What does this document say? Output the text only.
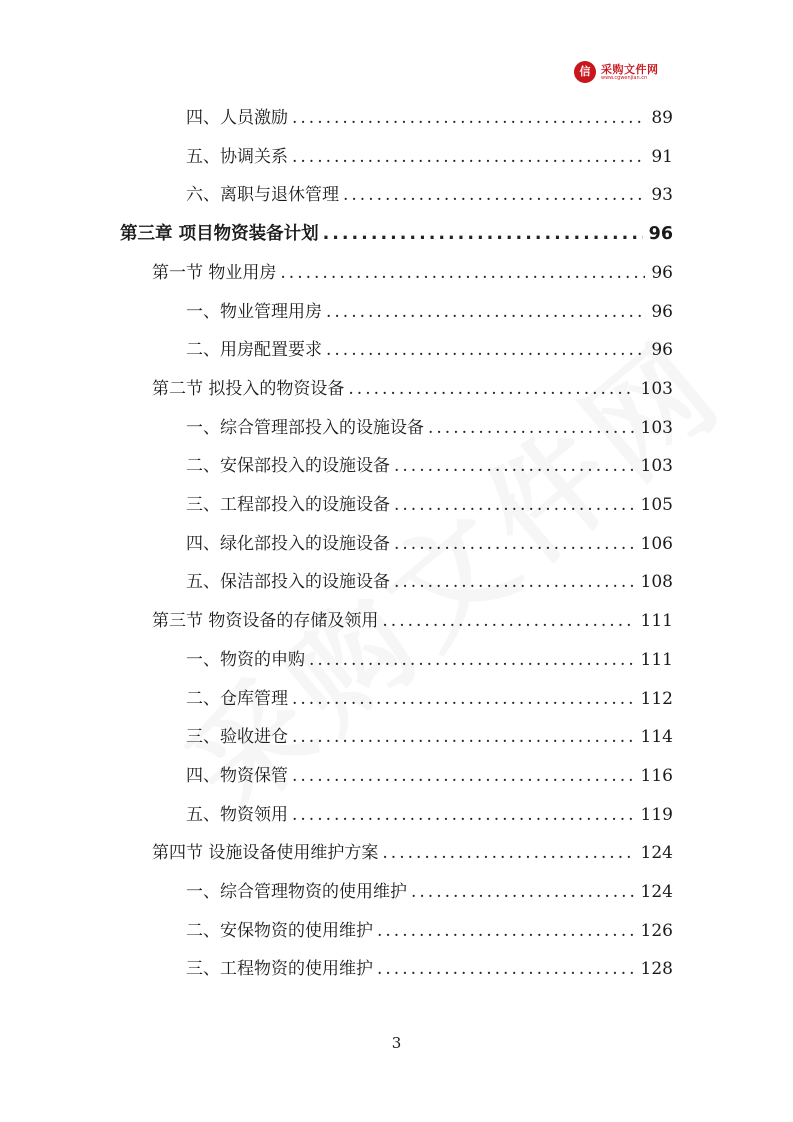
信 采购文件网
www.cgwenjian.cn
四、人员激励 .....	89
五、协调关系 .....	91
六、离职与退休管理 .....	93
第三章 项目物资装备计划 .....	96
第一节 物业用房 .....	96
一、物业管理用房 .....	96
二、用房配置要求 .....	96
第二节 拟投入的物资设备 .....	103
一、综合管理部投入的设施设备 .....	103
二、安保部投入的设施设备 .....	103
三、工程部投入的设施设备 .....	105
四、绿化部投入的设施设备 .....	106
五、保洁部投入的设施设备 .....	108
第三节 物资设备的存储及领用 .....	111
一、物资的申购 .....	111
二、仓库管理 .....	112
三、验收进仓 .....	114
四、物资保管 .....	116
五、物资领用 .....	119
第四节 设施设备使用维护方案 .....	124
一、综合管理物资的使用维护 .....	124
二、安保物资的使用维护 .....	126
三、工程物资的使用维护 .....	128
3
